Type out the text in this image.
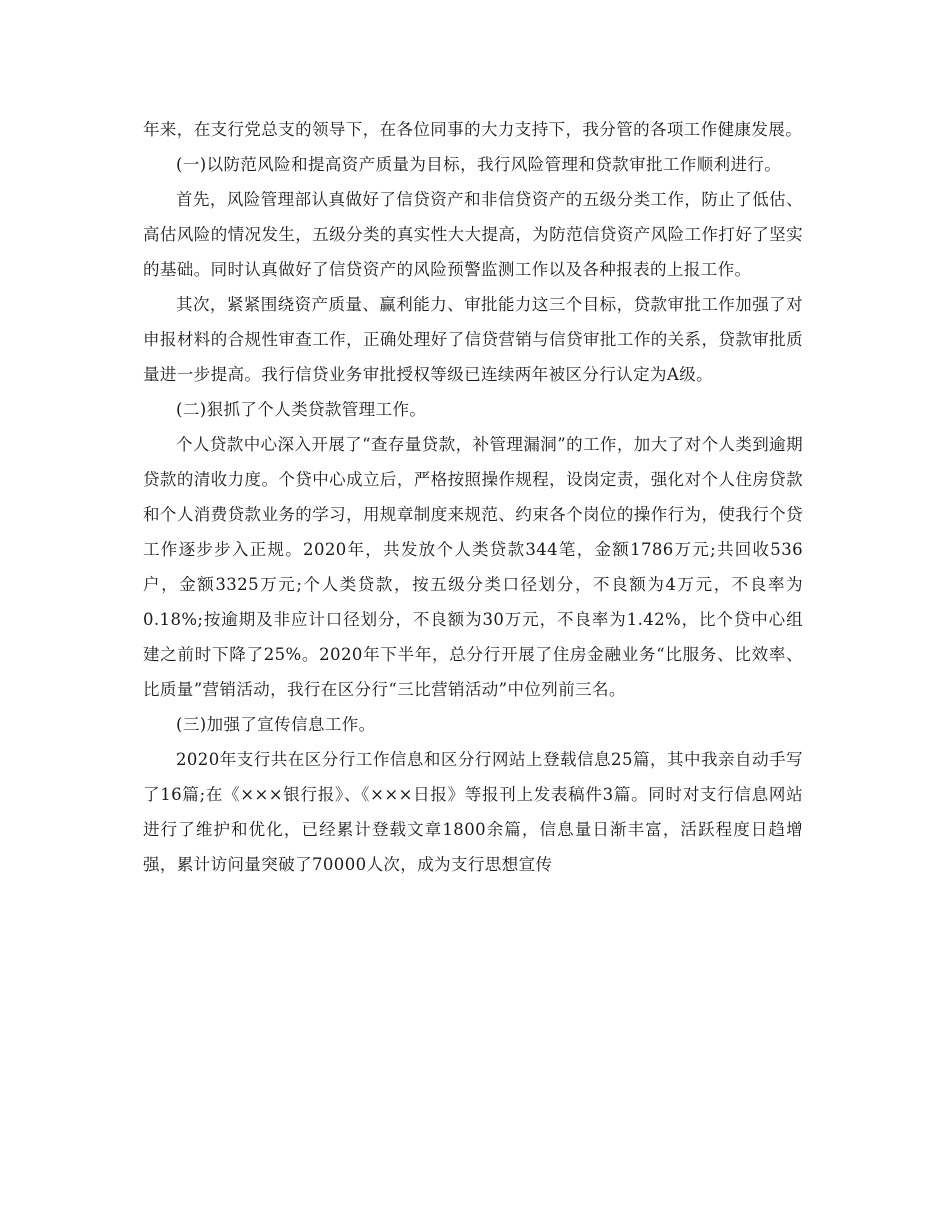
年来，在支行党总支的领导下，在各位同事的大力支持下，我分管的各项工作健康发展。

(一)以防范风险和提高资产质量为目标，我行风险管理和贷款审批工作顺利进行。

首先，风险管理部认真做好了信贷资产和非信贷资产的五级分类工作，防止了低估、高估风险的情况发生，五级分类的真实性大大提高，为防范信贷资产风险工作打好了坚实的基础。同时认真做好了信贷资产的风险预警监测工作以及各种报表的上报工作。

其次，紧紧围绕资产质量、赢利能力、审批能力这三个目标，贷款审批工作加强了对申报材料的合规性审查工作，正确处理好了信贷营销与信贷审批工作的关系，贷款审批质量进一步提高。我行信贷业务审批授权等级已连续两年被区分行认定为A级。

(二)狠抓了个人类贷款管理工作。

个人贷款中心深入开展了“查存量贷款，补管理漏洞”的工作，加大了对个人类到逾期贷款的清收力度。个贷中心成立后，严格按照操作规程，设岗定责，强化对个人住房贷款和个人消费贷款业务的学习，用规章制度来规范、约束各个岗位的操作行为，使我行个贷工作逐步步入正规。2020年，共发放个人类贷款344笔，金额1786万元;共回收536户，金额3325万元;个人类贷款，按五级分类口径划分，不良额为4万元，不良率为0.18%;按逾期及非应计口径划分，不良额为30万元，不良率为1.42%，比个贷中心组建之前时下降了25%。2020年下半年，总分行开展了住房金融业务“比服务、比效率、比质量”营销活动，我行在区分行“三比营销活动”中位列前三名。

(三)加强了宣传信息工作。

2020年支行共在区分行工作信息和区分行网站上登载信息25篇，其中我亲自动手写了16篇;在《×××银行报》、《×××日报》等报刊上发表稿件3篇。同时对支行信息网站进行了维护和优化，已经累计登载文章1800余篇，信息量日渐丰富，活跃程度日趋增强，累计访问量突破了70000人次，成为支行思想宣传
